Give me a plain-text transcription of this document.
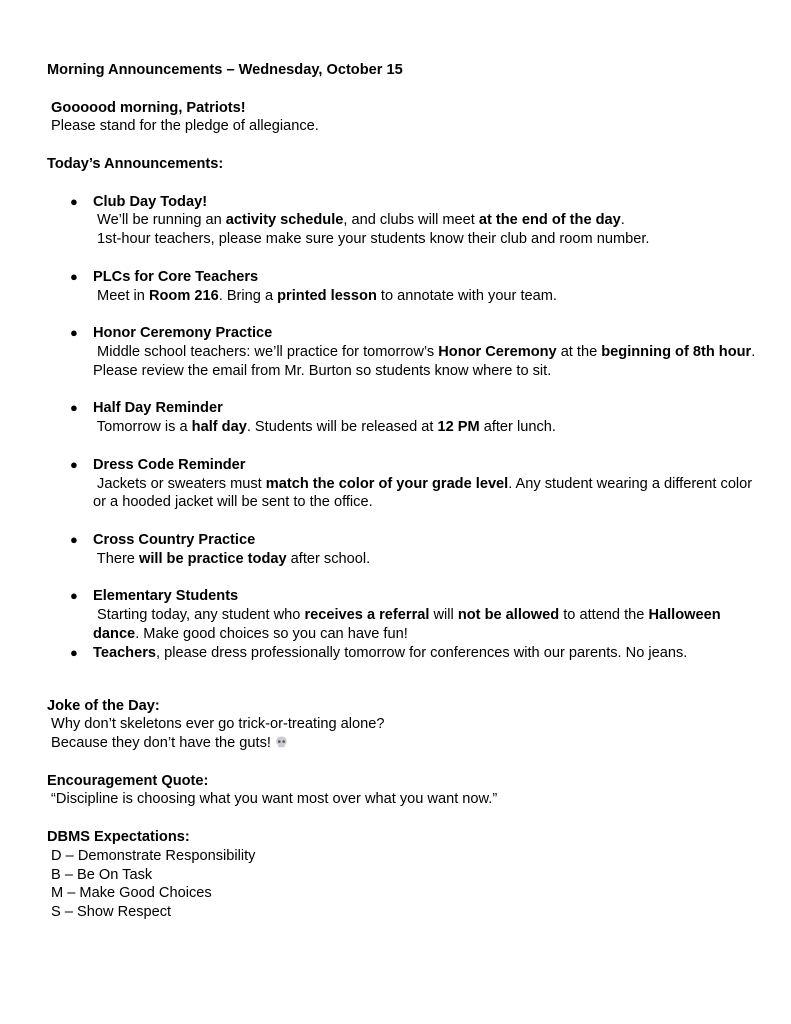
Morning Announcements – Wednesday, October 15
Goooood morning, Patriots!
Please stand for the pledge of allegiance.
Today’s Announcements:
● Club Day Today!
We’ll be running an activity schedule, and clubs will meet at the end of the day.
1st-hour teachers, please make sure your students know their club and room number.
● PLCs for Core Teachers
Meet in Room 216. Bring a printed lesson to annotate with your team.
● Honor Ceremony Practice
Middle school teachers: we’ll practice for tomorrow’s Honor Ceremony at the beginning of 8th hour.
Please review the email from Mr. Burton so students know where to sit.
● Half Day Reminder
Tomorrow is a half day. Students will be released at 12 PM after lunch.
● Dress Code Reminder
Jackets or sweaters must match the color of your grade level. Any student wearing a different color
or a hooded jacket will be sent to the office.
● Cross Country Practice
There will be practice today after school.
● Elementary Students
Starting today, any student who receives a referral will not be allowed to attend the Halloween
dance. Make good choices so you can have fun!
● Teachers, please dress professionally tomorrow for conferences with our parents. No jeans.
Joke of the Day:
Why don’t skeletons ever go trick-or-treating alone?
Because they don’t have the guts!
Encouragement Quote:
“Discipline is choosing what you want most over what you want now.”
DBMS Expectations:
D – Demonstrate Responsibility
B – Be On Task
M – Make Good Choices
S – Show Respect
